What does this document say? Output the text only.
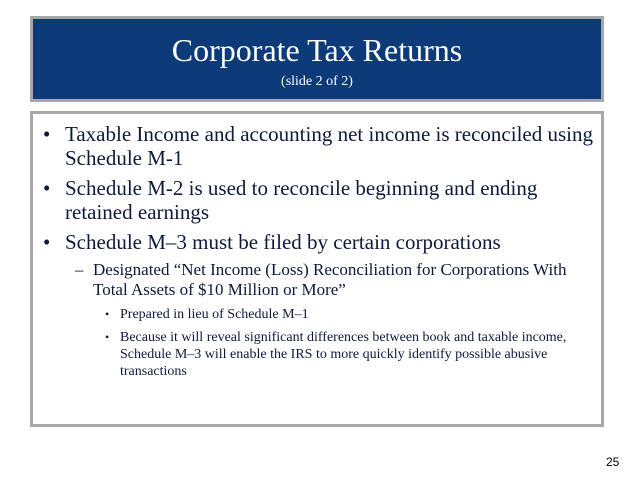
Corporate Tax Returns
(slide 2 of 2)
• Taxable Income and accounting net income is reconciled using Schedule M-1
• Schedule M-2 is used to reconcile beginning and ending retained earnings
• Schedule M–3 must be filed by certain corporations
– Designated “Net Income (Loss) Reconciliation for Corporations With Total Assets of $10 Million or More”
• Prepared in lieu of Schedule M–1
• Because it will reveal significant differences between book and taxable income, Schedule M–3 will enable the IRS to more quickly identify possible abusive transactions
25
